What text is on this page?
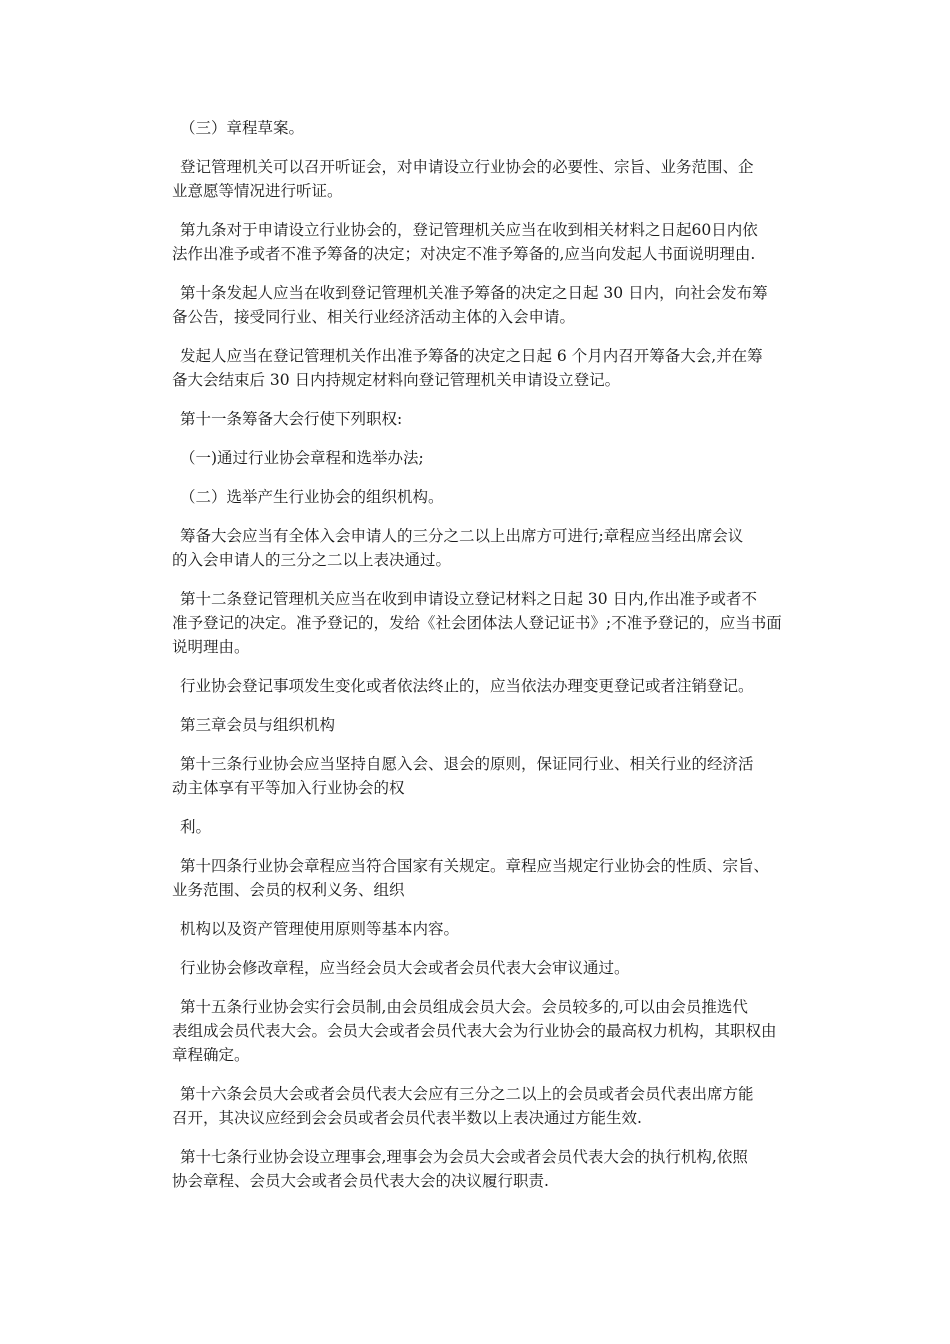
（三）章程草案。

登记管理机关可以召开听证会，对申请设立行业协会的必要性、宗旨、业务范围、企
业意愿等情况进行听证。

第九条对于申请设立行业协会的，登记管理机关应当在收到相关材料之日起60日内依
法作出准予或者不准予筹备的决定；对决定不准予筹备的,应当向发起人书面说明理由.

第十条发起人应当在收到登记管理机关准予筹备的决定之日起 30 日内，向社会发布筹
备公告，接受同行业、相关行业经济活动主体的入会申请。

发起人应当在登记管理机关作出准予筹备的决定之日起 6 个月内召开筹备大会,并在筹
备大会结束后 30 日内持规定材料向登记管理机关申请设立登记。

第十一条筹备大会行使下列职权:

（一)通过行业协会章程和选举办法;

（二）选举产生行业协会的组织机构。

筹备大会应当有全体入会申请人的三分之二以上出席方可进行;章程应当经出席会议
的入会申请人的三分之二以上表决通过。

第十二条登记管理机关应当在收到申请设立登记材料之日起 30 日内,作出准予或者不
准予登记的决定。准予登记的，发给《社会团体法人登记证书》;不准予登记的，应当书面
说明理由。

行业协会登记事项发生变化或者依法终止的，应当依法办理变更登记或者注销登记。

第三章会员与组织机构

第十三条行业协会应当坚持自愿入会、退会的原则，保证同行业、相关行业的经济活
动主体享有平等加入行业协会的权

利。

第十四条行业协会章程应当符合国家有关规定。章程应当规定行业协会的性质、宗旨、
业务范围、会员的权利义务、组织

机构以及资产管理使用原则等基本内容。

行业协会修改章程，应当经会员大会或者会员代表大会审议通过。

第十五条行业协会实行会员制,由会员组成会员大会。会员较多的,可以由会员推选代
表组成会员代表大会。会员大会或者会员代表大会为行业协会的最高权力机构，其职权由
章程确定。

第十六条会员大会或者会员代表大会应有三分之二以上的会员或者会员代表出席方能
召开，其决议应经到会会员或者会员代表半数以上表决通过方能生效.

第十七条行业协会设立理事会,理事会为会员大会或者会员代表大会的执行机构,依照
协会章程、会员大会或者会员代表大会的决议履行职责.
